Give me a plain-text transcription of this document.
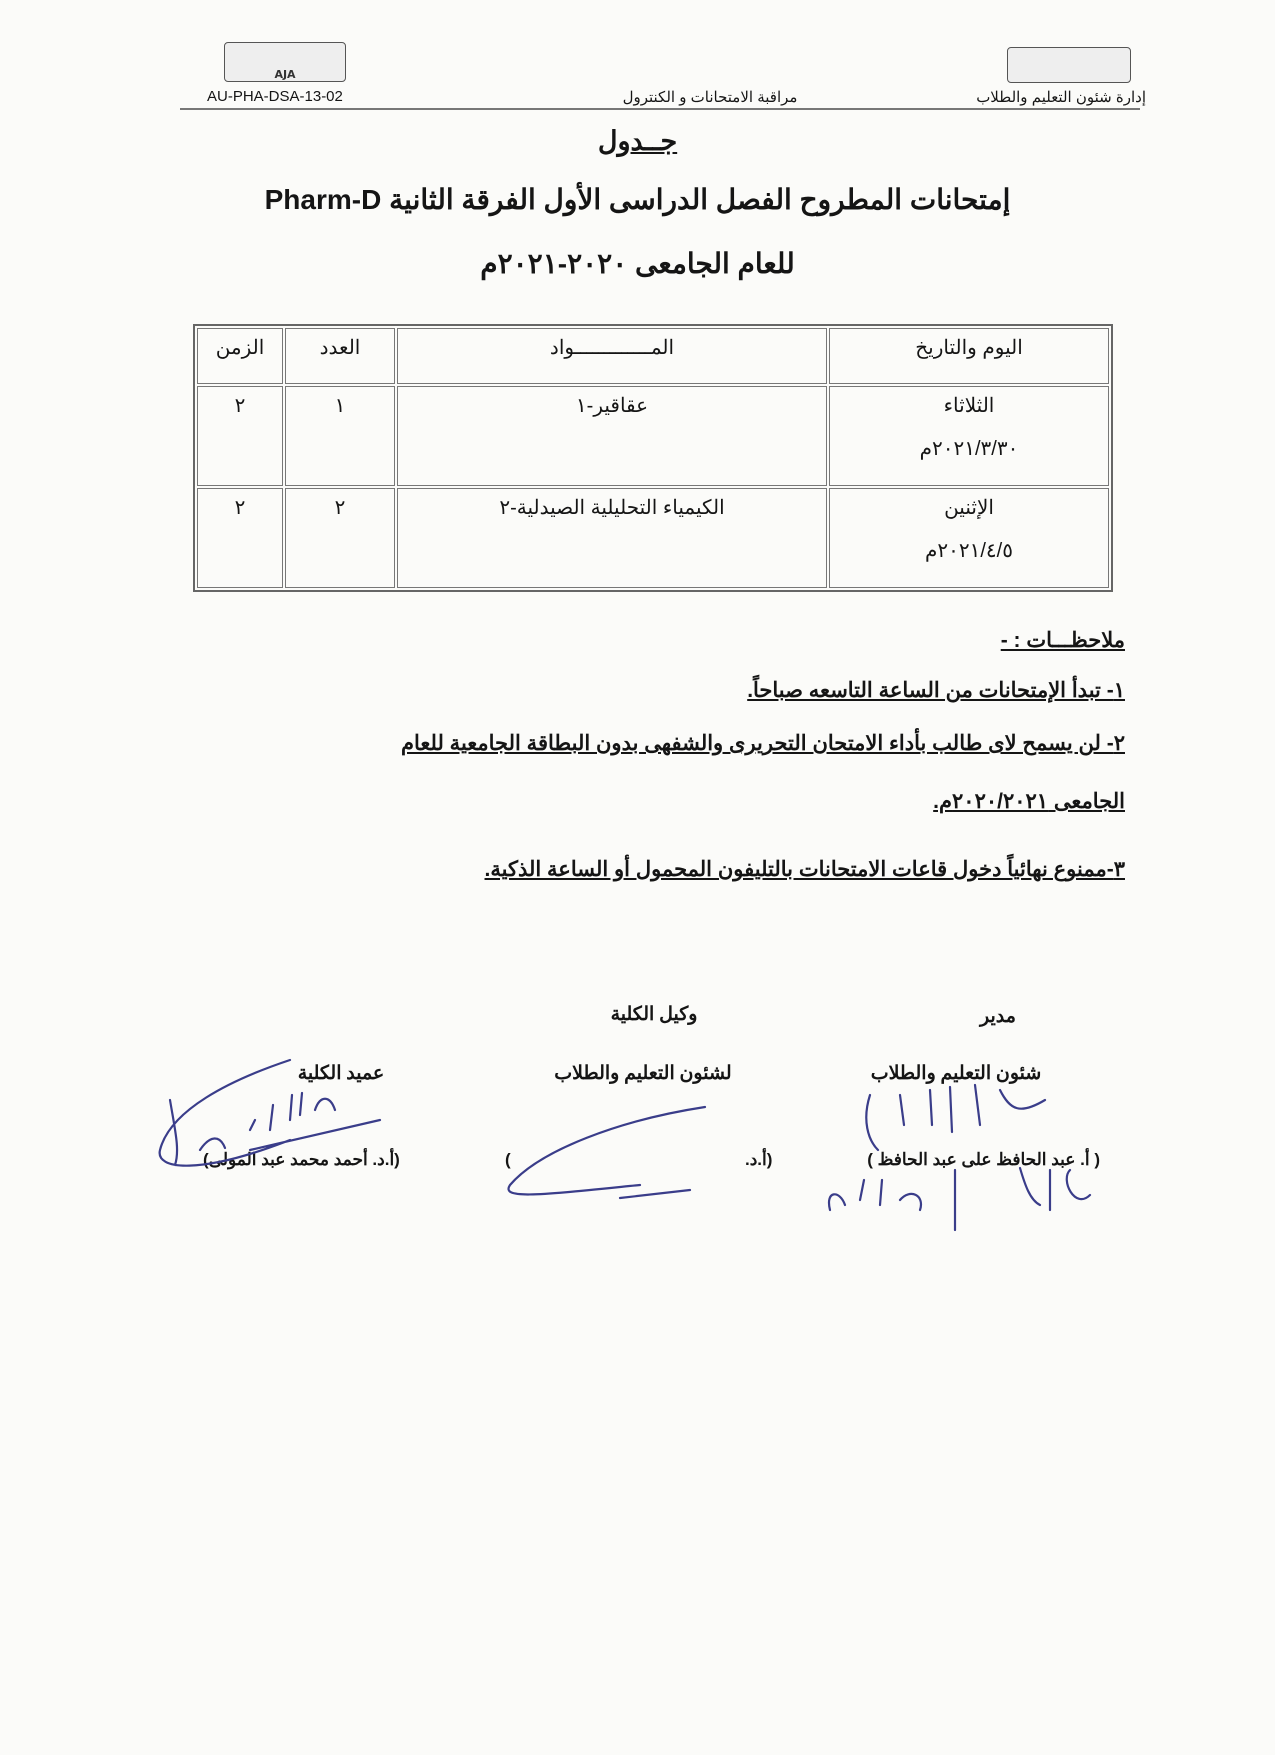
AJA
AU-PHA-DSA-13-02	مراقبة الامتحانات و الكنترول	إدارة شئون التعليم والطلاب
جــدول
إمتحانات المطروح الفصل الدراسى الأول الفرقة الثانية Pharm-D
للعام الجامعى ٢٠٢٠-٢٠٢١م
اليوم والتاريخ	المـــــــــــــواد	العدد	الزمن

الثلاثاء
٢٠٢١/٣/٣٠م	عقاقير-١	١	٢

الإثنين
٢٠٢١/٤/٥م	الكيمياء التحليلية الصيدلية-٢	٢	٢
ملاحظـــات : -
١- تبدأ الإمتحانات من الساعة التاسعه صباحاً.
٢- لن يسمح لاى طالب بأداء الامتحان التحريرى والشفهى بدون البطاقة الجامعية للعام
الجامعى ٢٠٢٠/٢٠٢١م.
٣-ممنوع نهائياً دخول قاعات الامتحانات بالتليفون المحمول أو الساعة الذكية.
مدير
وكيل الكلية
شئون التعليم والطلاب
لشئون التعليم والطلاب
عميد الكلية
( أ. عبد الحافظ على عبد الحافظ )
(أ.د.
)
(أ.د. أحمد محمد عبد المولى)
